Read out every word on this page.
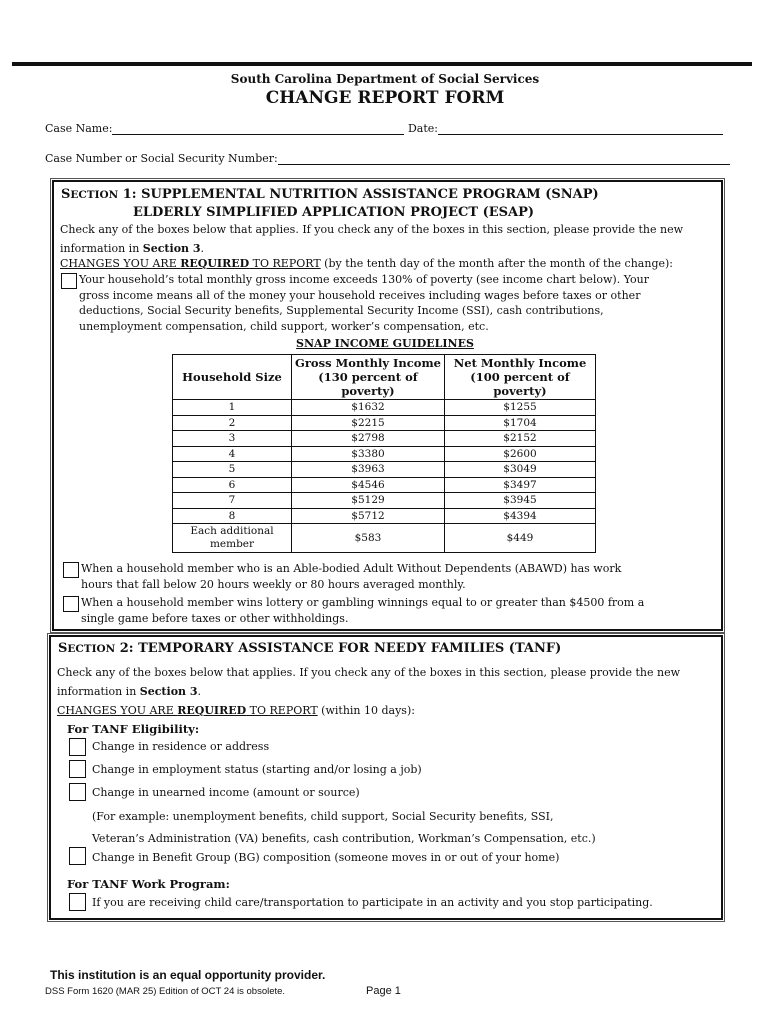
South Carolina Department of Social Services
CHANGE REPORT FORM
Case Name:	Date:
Case Number or Social Security Number:
SECTION 1: SUPPLEMENTAL NUTRITION ASSISTANCE PROGRAM (SNAP)
ELDERLY SIMPLIFIED APPLICATION PROJECT (ESAP)
Check any of the boxes below that applies. If you check any of the boxes in this section, please provide the new
information in Section 3.
CHANGES YOU ARE REQUIRED TO REPORT (by the tenth day of the month after the month of the change):
Your household’s total monthly gross income exceeds 130% of poverty (see income chart below). Your
gross income means all of the money your household receives including wages before taxes or other
deductions, Social Security benefits, Supplemental Security Income (SSI), cash contributions,
unemployment compensation, child support, worker’s compensation, etc.
SNAP INCOME GUIDELINES
Household Size	Gross Monthly Income (130 percent of poverty)	Net Monthly Income (100 percent of poverty)
1	$1632	$1255
2	$2215	$1704
3	$2798	$2152
4	$3380	$2600
5	$3963	$3049
6	$4546	$3497
7	$5129	$3945
8	$5712	$4394
Each additional member	$583	$449
When a household member who is an Able-bodied Adult Without Dependents (ABAWD) has work
hours that fall below 20 hours weekly or 80 hours averaged monthly.
When a household member wins lottery or gambling winnings equal to or greater than $4500 from a
single game before taxes or other withholdings.
SECTION 2: TEMPORARY ASSISTANCE FOR NEEDY FAMILIES (TANF)
Check any of the boxes below that applies. If you check any of the boxes in this section, please provide the new
information in Section 3.
CHANGES YOU ARE REQUIRED TO REPORT (within 10 days):
For TANF Eligibility:
Change in residence or address
Change in employment status (starting and/or losing a job)
Change in unearned income (amount or source)
(For example: unemployment benefits, child support, Social Security benefits, SSI,
Veteran’s Administration (VA) benefits, cash contribution, Workman’s Compensation, etc.)
Change in Benefit Group (BG) composition (someone moves in or out of your home)
For TANF Work Program:
If you are receiving child care/transportation to participate in an activity and you stop participating.
This institution is an equal opportunity provider.
DSS Form 1620 (MAR 25) Edition of OCT 24 is obsolete.	Page 1
